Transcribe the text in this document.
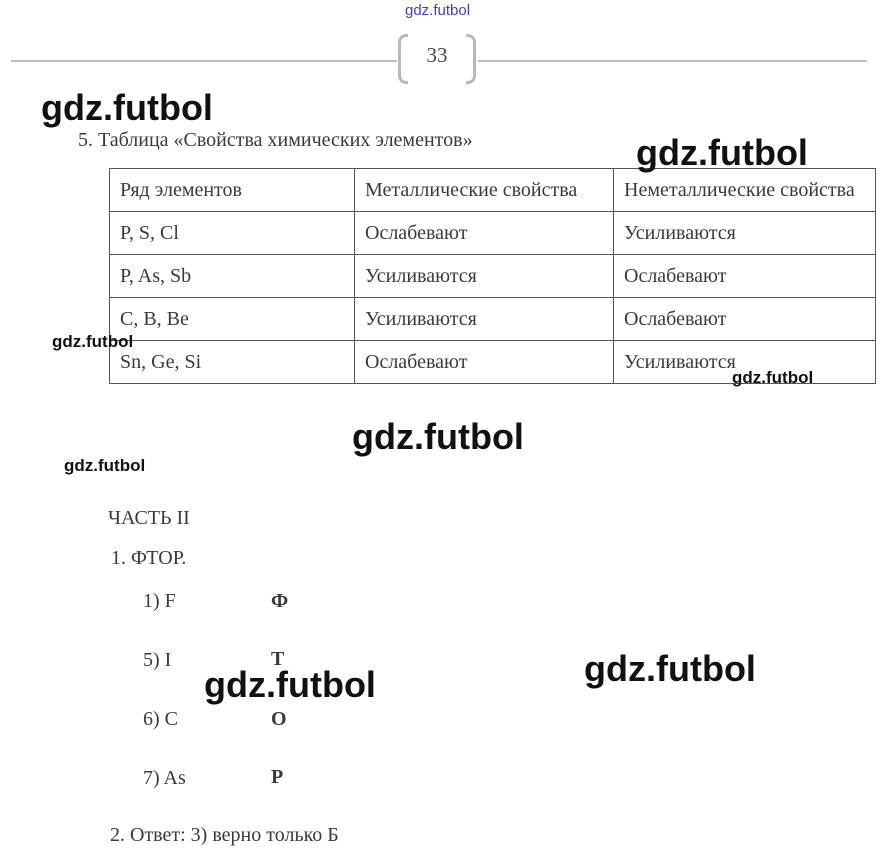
gdz.futbol
33
5. Таблица «Свойства химических элементов»
Ряд элементов	Металлические свойства	Неметаллические свойства
P, S, Cl	Ослабевают	Усиливаются
P, As, Sb	Усиливаются	Ослабевают
C, B, Be	Усиливаются	Ослабевают
Sn, Ge, Si	Ослабевают	Усиливаются
ЧАСТЬ II
1. ФТОР.
1) F	Ф
5) I	Т
6) C	О
7) As	Р
2. Ответ: 3) верно только Б
gdz.futbol
gdz.futbol
gdz.futbol
gdz.futbol
gdz.futbol
gdz.futbol
gdz.futbol
gdz.futbol
